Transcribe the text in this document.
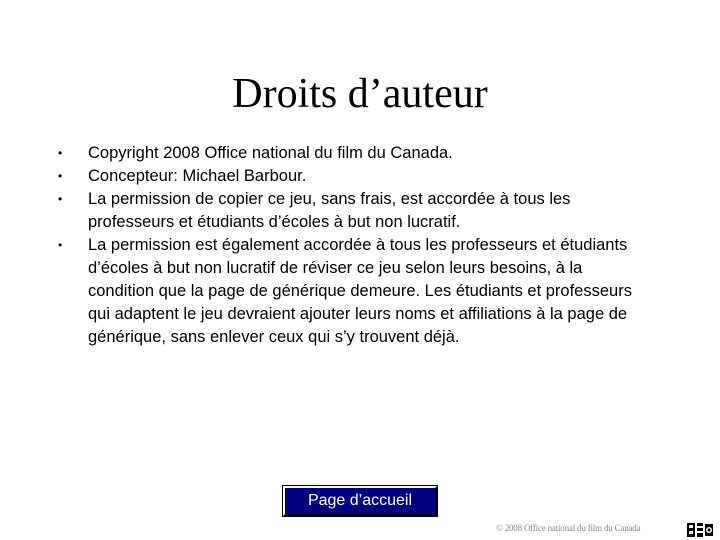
Droits d’auteur
• Copyright 2008 Office national du film du Canada.
• Concepteur: Michael Barbour.
• La permission de copier ce jeu, sans frais, est accordée à tous les professeurs et étudiants d’écoles à but non lucratif.
• La permission est également accordée à tous les professeurs et étudiants d’écoles à but non lucratif de réviser ce jeu selon leurs besoins, à la condition que la page de générique demeure. Les étudiants et professeurs qui adaptent le jeu devraient ajouter leurs noms et affiliations à la page de générique, sans enlever ceux qui s’y trouvent déjà.
Page d’accueil
© 2008 Office national du film du Canada
